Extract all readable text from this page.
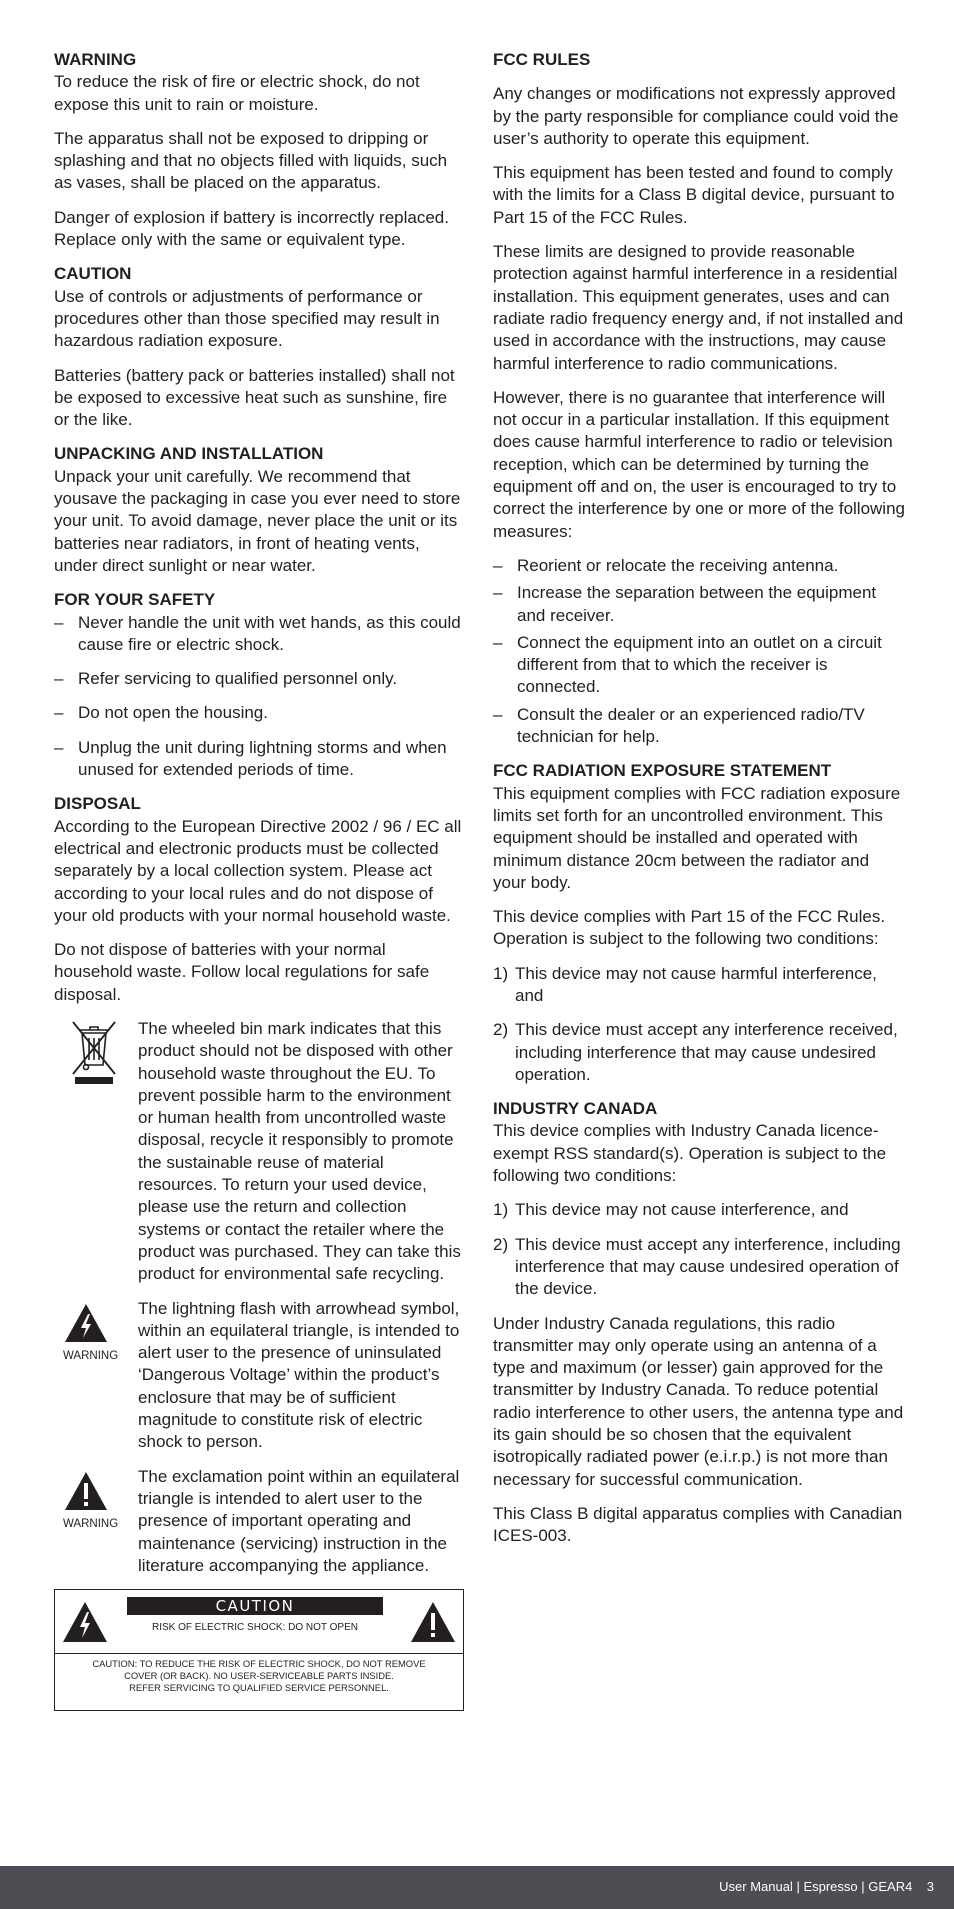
WARNING

To reduce the risk of fire or electric shock, do not expose this unit to rain or moisture.

The apparatus shall not be exposed to dripping or splashing and that no objects filled with liquids, such as vases, shall be placed on the apparatus.

Danger of explosion if battery is incorrectly replaced. Replace only with the same or equivalent type.

CAUTION

Use of controls or adjustments of performance or procedures other than those specified may result in hazardous radiation exposure.

Batteries (battery pack or batteries installed) shall not be exposed to excessive heat such as sunshine, fire or the like.

UNPACKING AND INSTALLATION

Unpack your unit carefully. We recommend that yousave the packaging in case you ever need to store your unit. To avoid damage, never place the unit or its batteries near radiators, in front of heating vents, under direct sunlight or near water.

FOR YOUR SAFETY
– Never handle the unit with wet hands, as this could cause fire or electric shock.
– Refer servicing to qualified personnel only.
– Do not open the housing.
– Unplug the unit during lightning storms and when unused for extended periods of time.
DISPOSAL

According to the European Directive 2002 / 96 / EC all electrical and electronic products must be collected separately by a local collection system. Please act according to your local rules and do not dispose of your old products with your normal household waste.

Do not dispose of batteries with your normal household waste. Follow local regulations for safe disposal.

The wheeled bin mark indicates that this product should not be disposed with other household waste throughout the EU. To prevent possible harm to the environment or human health from uncontrolled waste disposal, recycle it responsibly to promote the sustainable reuse of material resources. To return your used device, please use the return and collection systems or contact the retailer where the product was purchased. They can take this product for environmental safe recycling.
WARNING
The lightning flash with arrowhead symbol, within an equilateral triangle, is intended to alert user to the presence of uninsulated ‘Dangerous Voltage’ within the product’s enclosure that may be of sufficient magnitude to constitute risk of electric shock to person.
WARNING
The exclamation point within an equilateral triangle is intended to alert user to the presence of important operating and maintenance (servicing) instruction in the literature accompanying the appliance.
CAUTION
RISK OF ELECTRIC SHOCK: DO NOT OPEN
CAUTION: TO REDUCE THE RISK OF ELECTRIC SHOCK, DO NOT REMOVE
COVER (OR BACK). NO USER-SERVICEABLE PARTS INSIDE.
REFER SERVICING TO QUALIFIED SERVICE PERSONNEL.
FCC RULES

Any changes or modifications not expressly approved by the party responsible for compliance could void the user’s authority to operate this equipment.

This equipment has been tested and found to comply with the limits for a Class B digital device, pursuant to Part 15 of the FCC Rules.

These limits are designed to provide reasonable protection against harmful interference in a residential installation. This equipment generates, uses and can radiate radio frequency energy and, if not installed and used in accordance with the instructions, may cause harmful interference to radio communications.

However, there is no guarantee that interference will not occur in a particular installation. If this equipment does cause harmful interference to radio or television reception, which can be determined by turning the equipment off and on, the user is encouraged to try to correct the interference by one or more of the following measures:

– Reorient or relocate the receiving antenna.
– Increase the separation between the equipment and receiver.
– Connect the equipment into an outlet on a circuit different from that to which the receiver is connected.
– Consult the dealer or an experienced radio/TV technician for help.
FCC RADIATION EXPOSURE STATEMENT

This equipment complies with FCC radiation exposure limits set forth for an uncontrolled environment. This equipment should be installed and operated with minimum distance 20cm between the radiator and your body.

This device complies with Part 15 of the FCC Rules. Operation is subject to the following two conditions:

1) This device may not cause harmful interference, and
2) This device must accept any interference received, including interference that may cause undesired operation.
INDUSTRY CANADA

This device complies with Industry Canada licence-exempt RSS standard(s). Operation is subject to the following two conditions:

1) This device may not cause interference, and
2) This device must accept any interference, including interference that may cause undesired operation of the device.

Under Industry Canada regulations, this radio transmitter may only operate using an antenna of a type and maximum (or lesser) gain approved for the transmitter by Industry Canada. To reduce potential radio interference to other users, the antenna type and its gain should be so chosen that the equivalent isotropically radiated power (e.i.r.p.) is not more than necessary for successful communication.

This Class B digital apparatus complies with Canadian ICES-003.

User Manual | Espresso | GEAR4    3
